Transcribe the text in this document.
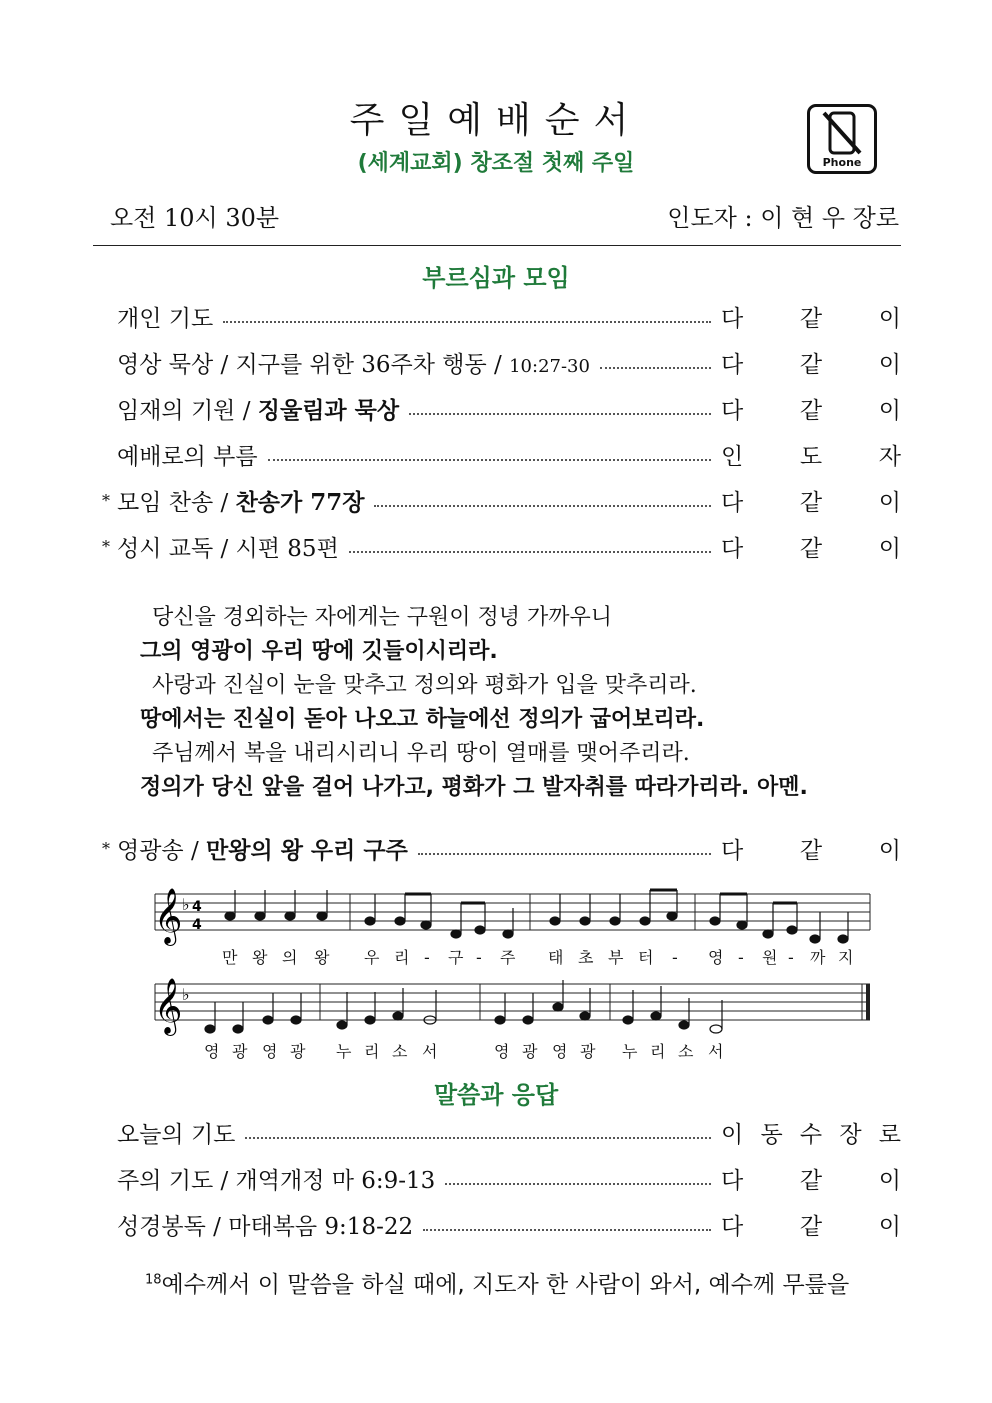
주일예배순서
(세계교회) 창조절 첫째 주일	Phone
오전 10시 30분	인도자 : 이 현 우 장로
부르심과 모임
개인 기도	다 같 이
영상 묵상 / 지구를 위한 36주차 행동 / 10:27-30	다 같 이
임재의 기원 / 징울림과 묵상	다 같 이
예배로의 부름	인 도 자
* 모임 찬송 / 찬송가 77장	다 같 이
* 성시 교독 / 시편 85편	다 같 이
당신을 경외하는 자에게는 구원이 정녕 가까우니
그의 영광이 우리 땅에 깃들이시리라.
사랑과 진실이 눈을 맞추고 정의와 평화가 입을 맞추리라.
땅에서는 진실이 돋아 나오고 하늘에선 정의가 굽어보리라.
주님께서 복을 내리시리니 우리 땅이 열매를 맺어주리라.
정의가 당신 앞을 걸어 나가고, 평화가 그 발자취를 따라가리라. 아멘.
* 영광송 / 만왕의 왕 우리 구주	다 같 이
𝄞 ♭ 4
4
𝄞 ♭
만 왕 의 왕 우 리 - 구 - 주 태 초 부 터 - 영 - 원 - 까 지
영 광 영 광 누 리 소 서	영 광 영 광 누 리 소 서
말씀과 응답
오늘의 기도	이 동 수 장 로
주의 기도 / 개역개정 마 6:9-13	다 같 이
성경봉독 / 마태복음 9:18-22	다 같 이
$^{18}$예수께서 이 말씀을 하실 때에, 지도자 한 사람이 와서, 예수께 무릎을
